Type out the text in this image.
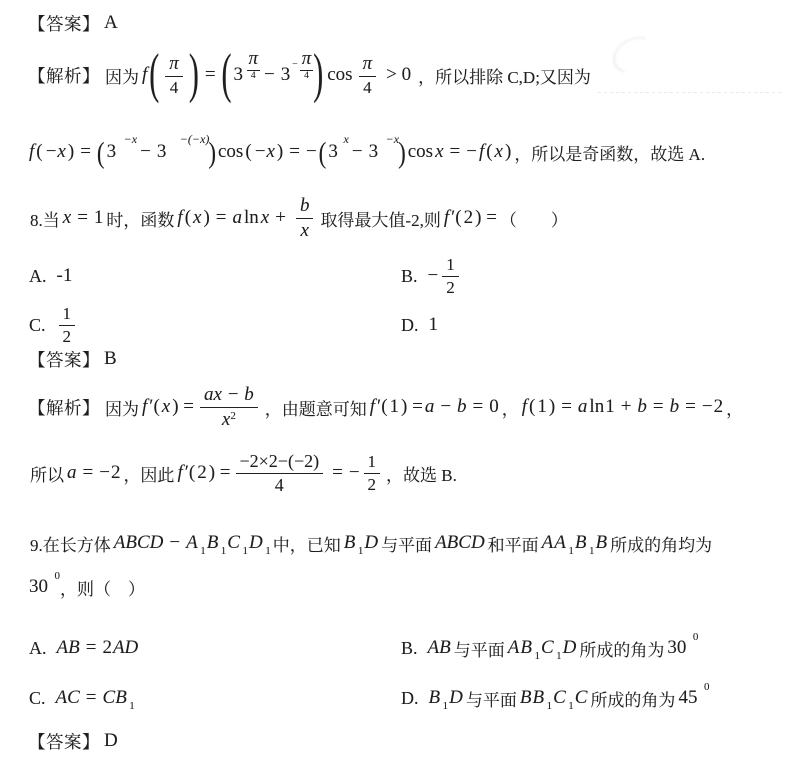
【答案】 A
【解析】 因为 f ( $\frac{\pi}{4}$ ) = ( $3 \frac{\pi}{4} - 3 - \frac{\pi}{4}$ ) $\cos \frac{\pi}{4} > 0$ ，所以排除 C,D;又因为
f ( −x ) = ( 3
−x
− 3
−(−x) ) cos ( −x ) = − ( 3
x
− 3
−x ) cos x = − f ( x ) ，所以是奇函数，故选 A.
8.当 x = 1 时，函数 f ( x ) = a $\ln x + \frac{b}{x}$ 取得最大值-2,则 f ′( 2 ) = （　　）
A. -1	B. − $\frac{1}{2}$
C. $\frac{1}{2}$	D. 1
【答案】 B
【解析】 因为 f ′( x ) = $\frac{ax - b}{x^2}$ ，由题意可知 f ′( 1 ) = a − b = 0 ， f ( 1 ) = a ln 1 + b = b = − 2 ，
所以 a = − 2 ，因此 f ′( 2 ) = $\frac{-2\times 2-(-2)}{4}$ = − $\frac{1}{2}$ ，故选 B.
9.在长方体 ABCD − A 1 B 1 C 1 D 1 中，已知 B 1 D 与平面 ABCD 和平面 A A 1 B 1 B 所成的角均为
30 0
，则（　）
A. AB = 2 AD	B. AB 与平面 A B 1 C 1 D 所成的角为 30 0
C. AC = CB 1	D. B 1 D 与平面 B B 1 C 1 C 所成的角为 45 0
【答案】 D
